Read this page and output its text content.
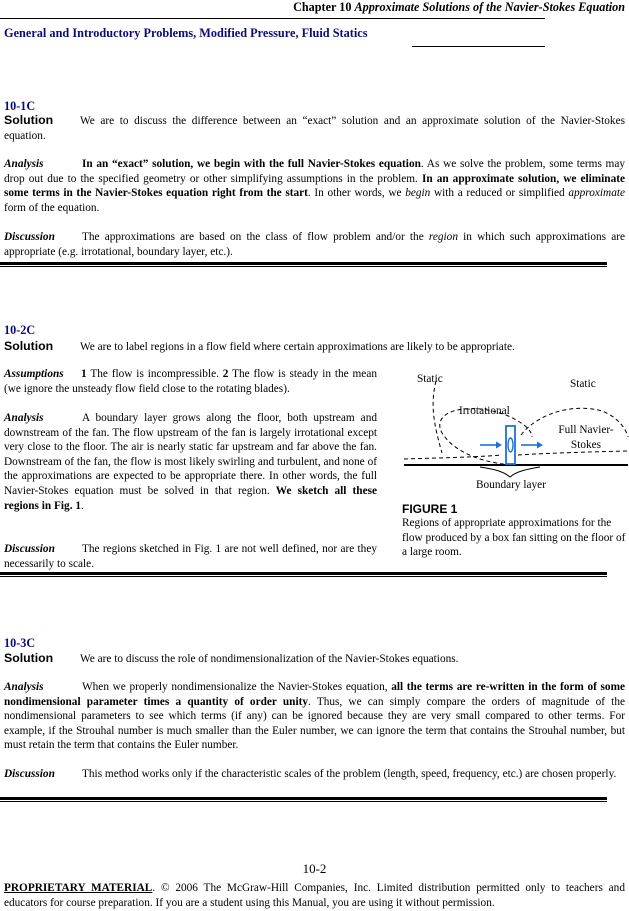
Chapter 10 Approximate Solutions of the Navier-Stokes Equation
General and Introductory Problems, Modified Pressure, Fluid Statics
10-1C
Solution We are to discuss the difference between an “exact” solution and an approximate solution of the Navier-Stokes equation.
Analysis	In an “exact” solution, we begin with the full Navier-Stokes equation. As we solve the problem, some terms may drop out due to the specified geometry or other simplifying assumptions in the problem. In an approximate solution, we eliminate some terms in the Navier-Stokes equation right from the start. In other words, we begin with a reduced or simplified approximate form of the equation.
Discussion The approximations are based on the class of flow problem and/or the region in which such approximations are appropriate (e.g. irrotational, boundary layer, etc.).
10-2C
Solution We are to label regions in a flow field where certain approximations are likely to be appropriate.
Assumptions 1 The flow is incompressible. 2 The flow is steady in the mean (we ignore the unsteady flow field close to the rotating blades).
Analysis	A boundary layer grows along the floor, both upstream and downstream of the fan. The flow upstream of the fan is largely irrotational except very close to the floor. The air is nearly static far upstream and far above the fan. Downstream of the fan, the flow is most likely swirling and turbulent, and none of the approximations are expected to be appropriate there. In other words, the full Navier-Stokes equation must be solved in that region. We sketch all these regions in Fig. 1.
Discussion The regions sketched in Fig. 1 are not well defined, nor are they necessarily to scale.
Static	Static
Irrotational
Full Navier-
Stokes
Boundary layer
FIGURE 1
Regions of appropriate approximations for the flow produced by a box fan sitting on the floor of a large room.
10-3C
Solution We are to discuss the role of nondimensionalization of the Navier-Stokes equations.
Analysis	When we properly nondimensionalize the Navier-Stokes equation, all the terms are re-written in the form of some nondimensional parameter times a quantity of order unity. Thus, we can simply compare the orders of magnitude of the nondimensional parameters to see which terms (if any) can be ignored because they are very small compared to other terms. For example, if the Strouhal number is much smaller than the Euler number, we can ignore the term that contains the Strouhal number, but must retain the term that contains the Euler number.
Discussion This method works only if the characteristic scales of the problem (length, speed, frequency, etc.) are chosen properly.
10-2
PROPRIETARY MATERIAL. © 2006 The McGraw-Hill Companies, Inc. Limited distribution permitted only to teachers and educators for course preparation. If you are a student using this Manual, you are using it without permission.
